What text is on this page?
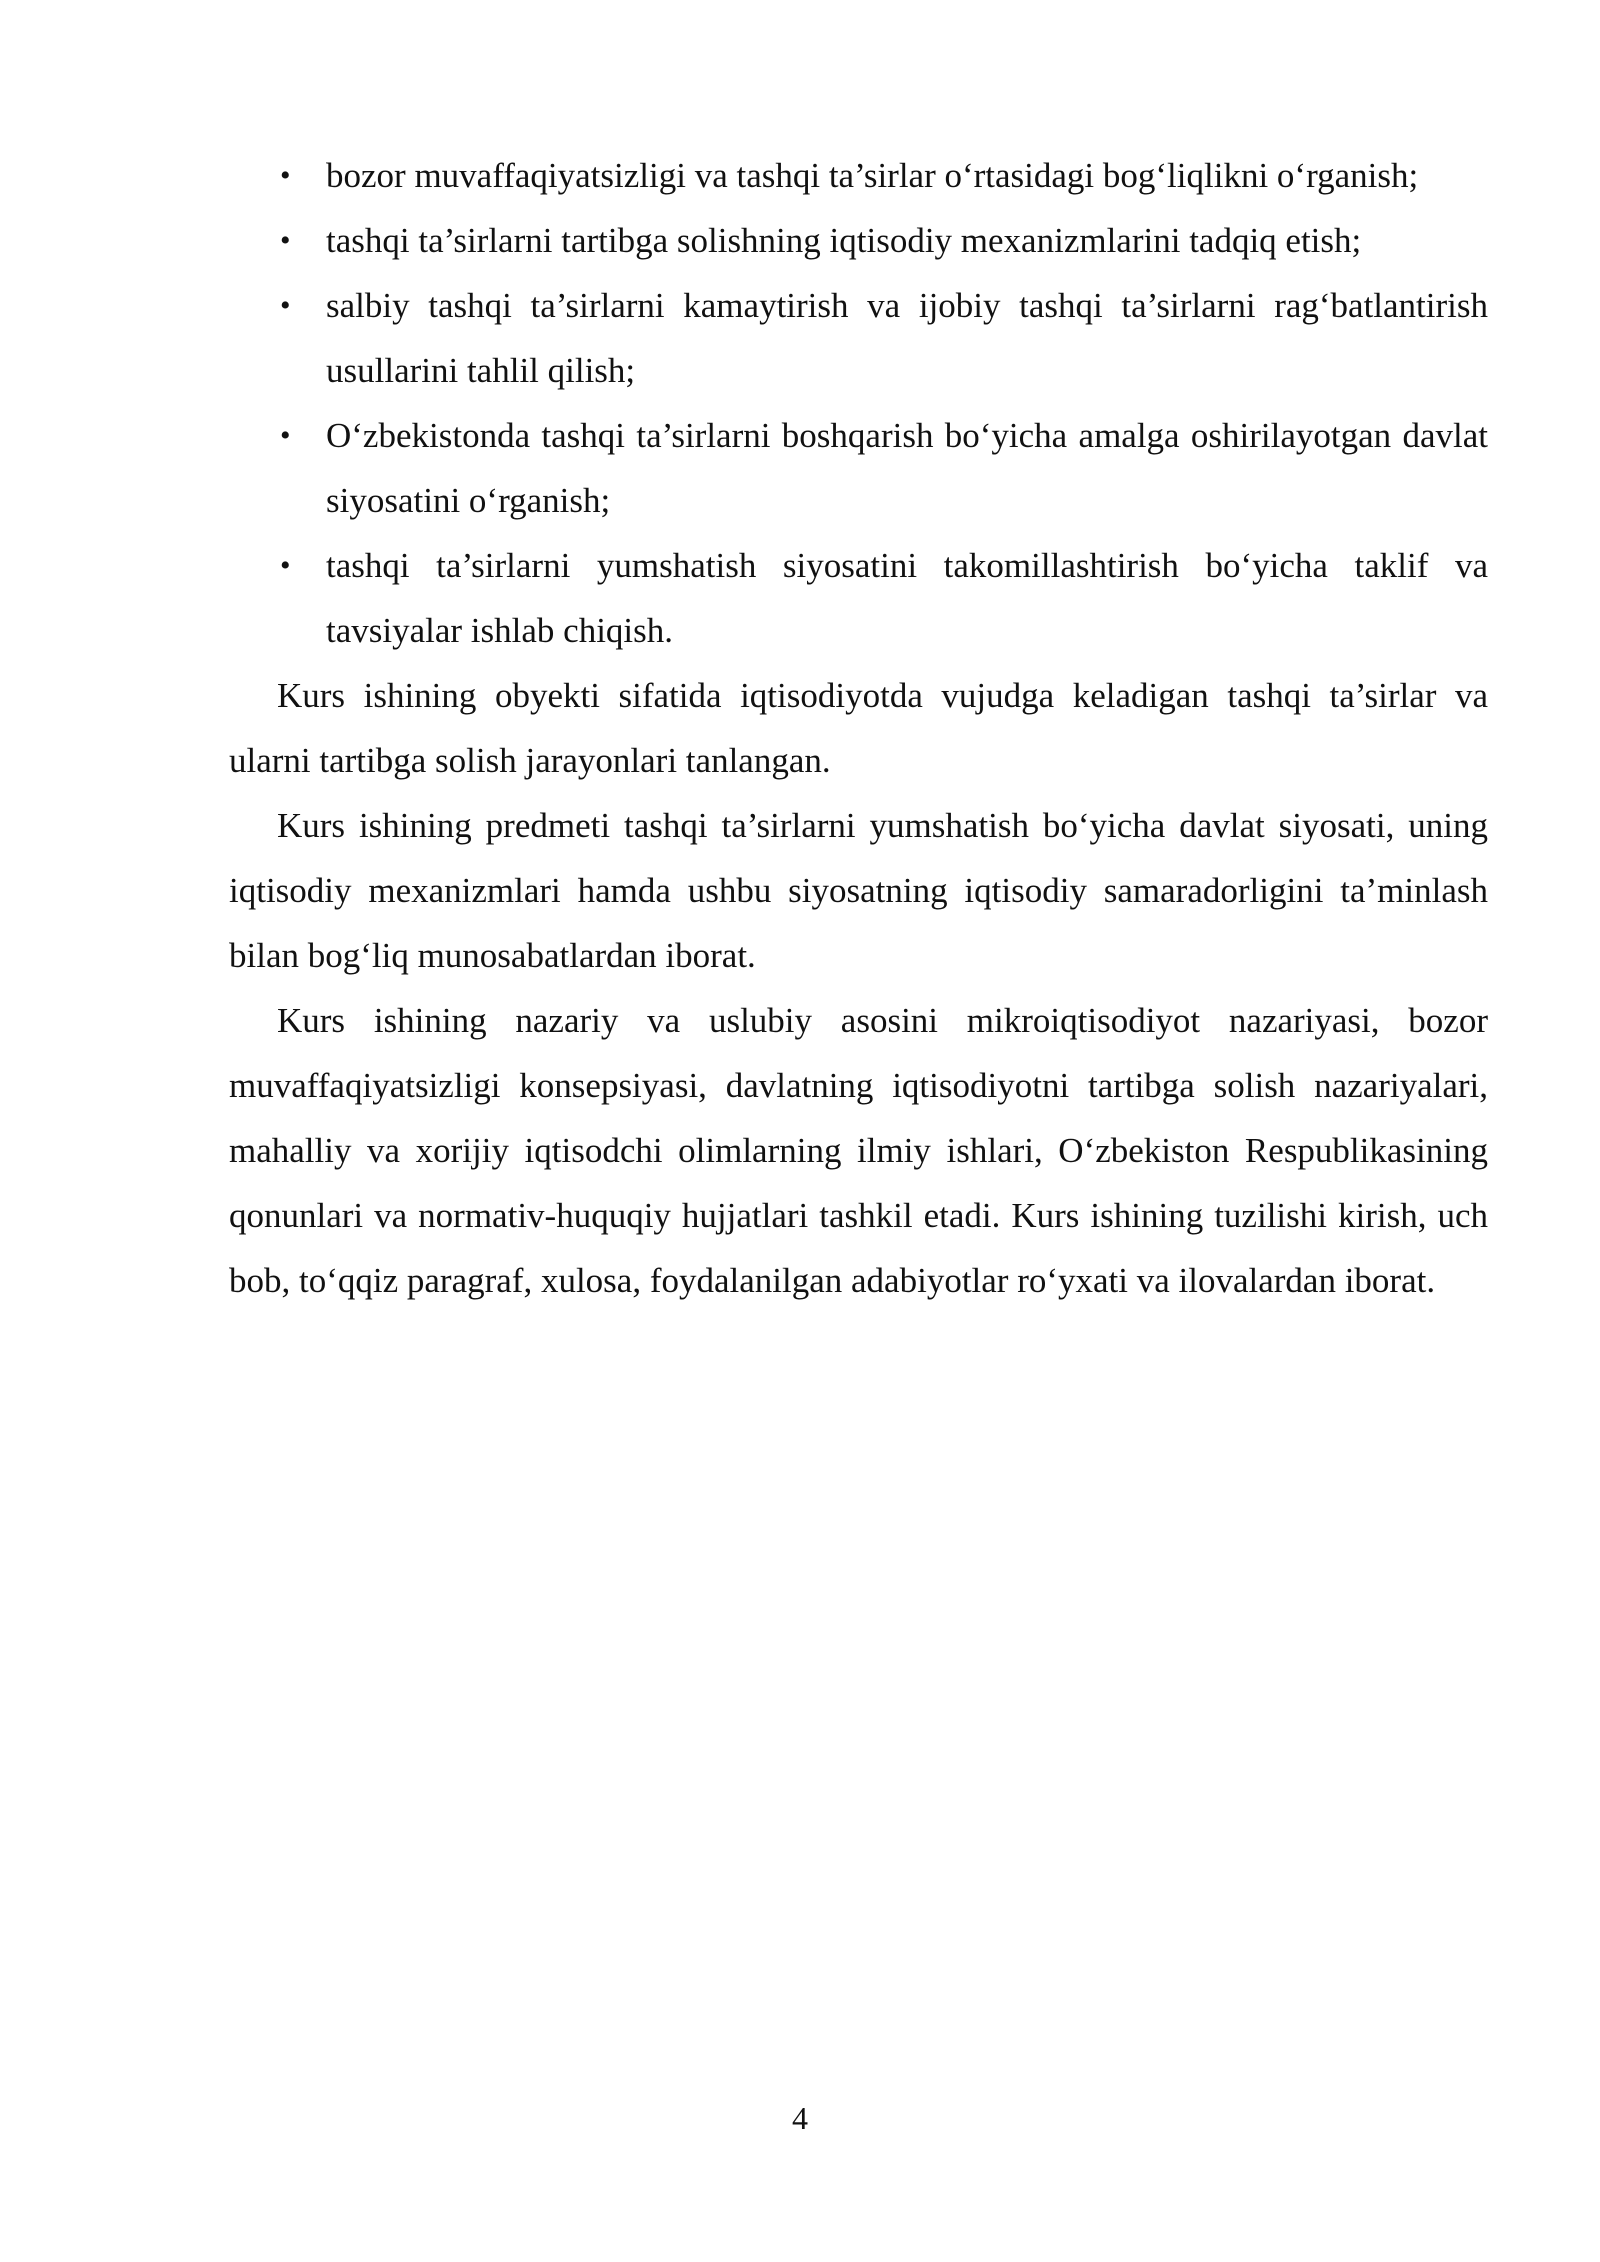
• bozor muvaffaqiyatsizligi va tashqi ta’sirlar o‘rtasidagi bog‘liqlikni o‘rganish;
• tashqi ta’sirlarni tartibga solishning iqtisodiy mexanizmlarini tadqiq etish;
• salbiy tashqi ta’sirlarni kamaytirish va ijobiy tashqi ta’sirlarni rag‘batlantirish usullarini tahlil qilish;
• O‘zbekistonda tashqi ta’sirlarni boshqarish bo‘yicha amalga oshirilayotgan davlat siyosatini o‘rganish;
• tashqi ta’sirlarni yumshatish siyosatini takomillashtirish bo‘yicha taklif va tavsiyalar ishlab chiqish.

Kurs ishining obyekti sifatida iqtisodiyotda vujudga keladigan tashqi ta’sirlar va ularni tartibga solish jarayonlari tanlangan.

Kurs ishining predmeti tashqi ta’sirlarni yumshatish bo‘yicha davlat siyosati, uning iqtisodiy mexanizmlari hamda ushbu siyosatning iqtisodiy samaradorligini ta’minlash bilan bog‘liq munosabatlardan iborat.

Kurs ishining nazariy va uslubiy asosini mikroiqtisodiyot nazariyasi, bozor muvaffaqiyatsizligi konsepsiyasi, davlatning iqtisodiyotni tartibga solish nazariyalari, mahalliy va xorijiy iqtisodchi olimlarning ilmiy ishlari, O‘zbekiston Respublikasining qonunlari va normativ-huquqiy hujjatlari tashkil etadi. Kurs ishining tuzilishi kirish, uch bob, to‘qqiz paragraf, xulosa, foydalanilgan adabiyotlar ro‘yxati va ilovalardan iborat.

4
